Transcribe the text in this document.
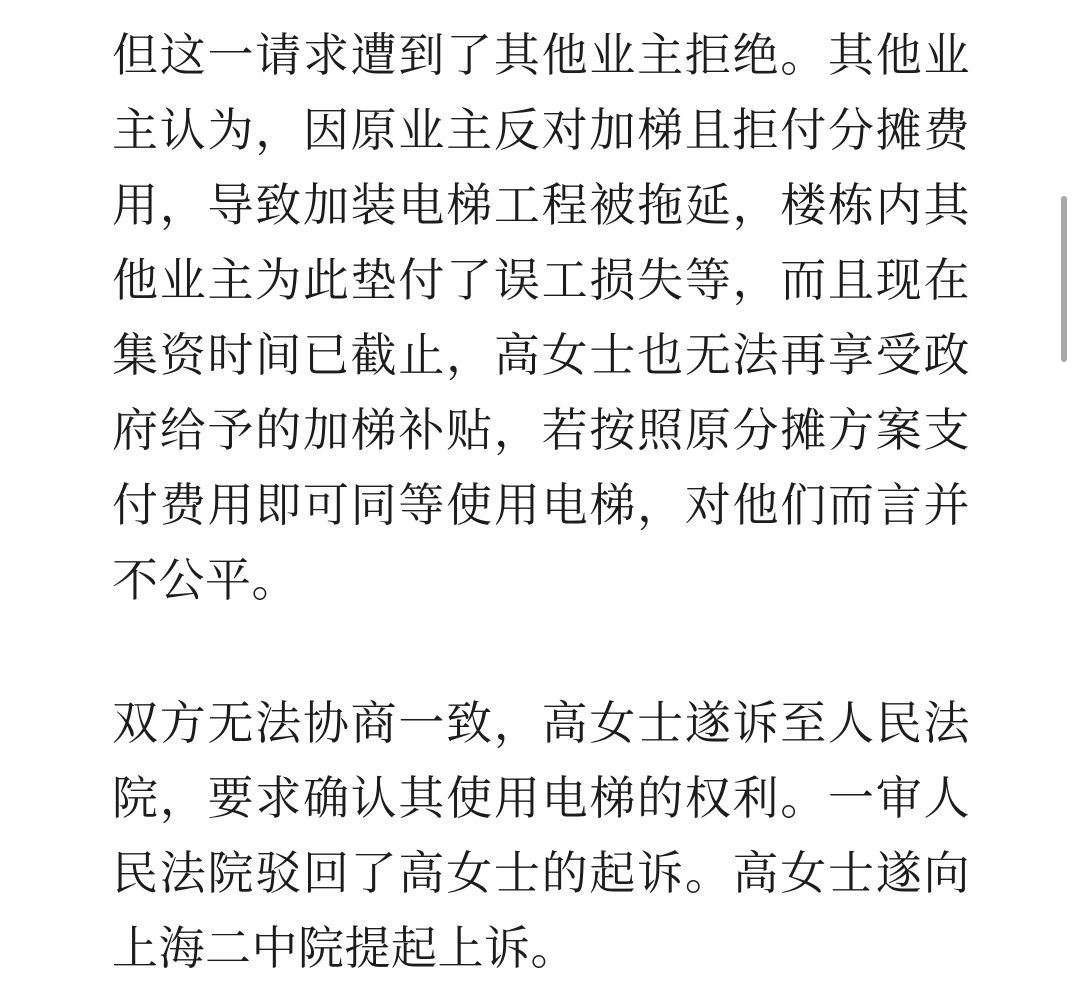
但这一请求遭到了其他业主拒绝。其他业主认为，因原业主反对加梯且拒付分摊费用，导致加装电梯工程被拖延，楼栋内其他业主为此垫付了误工损失等，而且现在集资时间已截止，高女士也无法再享受政府给予的加梯补贴，若按照原分摊方案支付费用即可同等使用电梯，对他们而言并不公平。

双方无法协商一致，高女士遂诉至人民法院，要求确认其使用电梯的权利。一审人民法院驳回了高女士的起诉。高女士遂向上海二中院提起上诉。
